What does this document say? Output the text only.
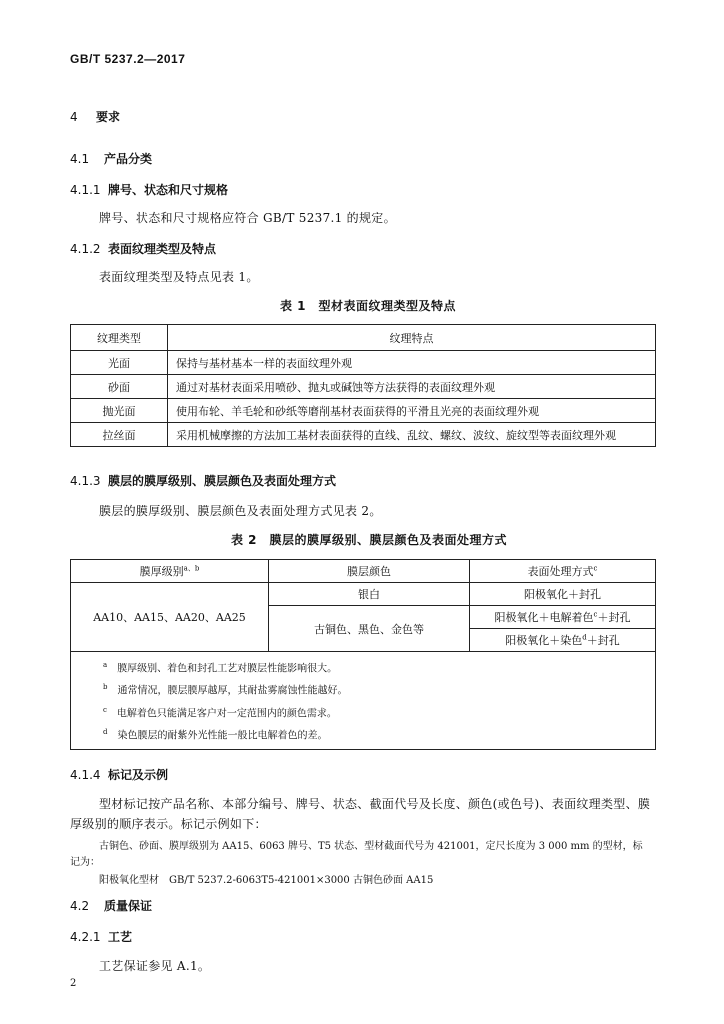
GB/T 5237.2—2017
4 要求
4.1 产品分类
4.1.1 牌号、状态和尺寸规格
牌号、状态和尺寸规格应符合 GB/T 5237.1 的规定。
4.1.2 表面纹理类型及特点
表面纹理类型及特点见表 1。
表 1　型材表面纹理类型及特点
纹理类型	纹理特点
光面	保持与基材基本一样的表面纹理外观
砂面	通过对基材表面采用喷砂、抛丸或碱蚀等方法获得的表面纹理外观
抛光面	使用布轮、羊毛轮和砂纸等磨削基材表面获得的平滑且光亮的表面纹理外观
拉丝面	采用机械摩擦的方法加工基材表面获得的直线、乱纹、螺纹、波纹、旋纹型等表面纹理外观
4.1.3 膜层的膜厚级别、膜层颜色及表面处理方式
膜层的膜厚级别、膜层颜色及表面处理方式见表 2。
表 2　膜层的膜厚级别、膜层颜色及表面处理方式
膜厚级别$^{a、b}$	膜层颜色	表面处理方式$^c$
AA10、AA15、AA20、AA25	银白	阳极氧化＋封孔
	古铜色、黑色、金色等	阳极氧化＋电解着色$^c$＋封孔
		阳极氧化＋染色$^d$＋封孔

$^a$　 膜厚级别、着色和封孔工艺对膜层性能影响很大。
$^b$　 通常情况，膜层膜厚越厚，其耐盐雾腐蚀性能越好。
$^c$　 电解着色只能满足客户对一定范围内的颜色需求。
$^d$　 染色膜层的耐紫外光性能一般比电解着色的差。		
4.1.4 标记及示例
型材标记按产品名称、本部分编号、牌号、状态、截面代号及长度、颜色(或色号)、表面纹理类型、膜
厚级别的顺序表示。标记示例如下：
古铜色、砂面、膜厚级别为 AA15、6063 牌号、T5 状态、型材截面代号为 421001，定尺长度为 3 000 mm 的型材，标
记为：
阳极氧化型材　GB/T 5237.2-6063T5-421001×3000 古铜色砂面 AA15
4.2 质量保证
4.2.1 工艺
工艺保证参见 A.1。
2
